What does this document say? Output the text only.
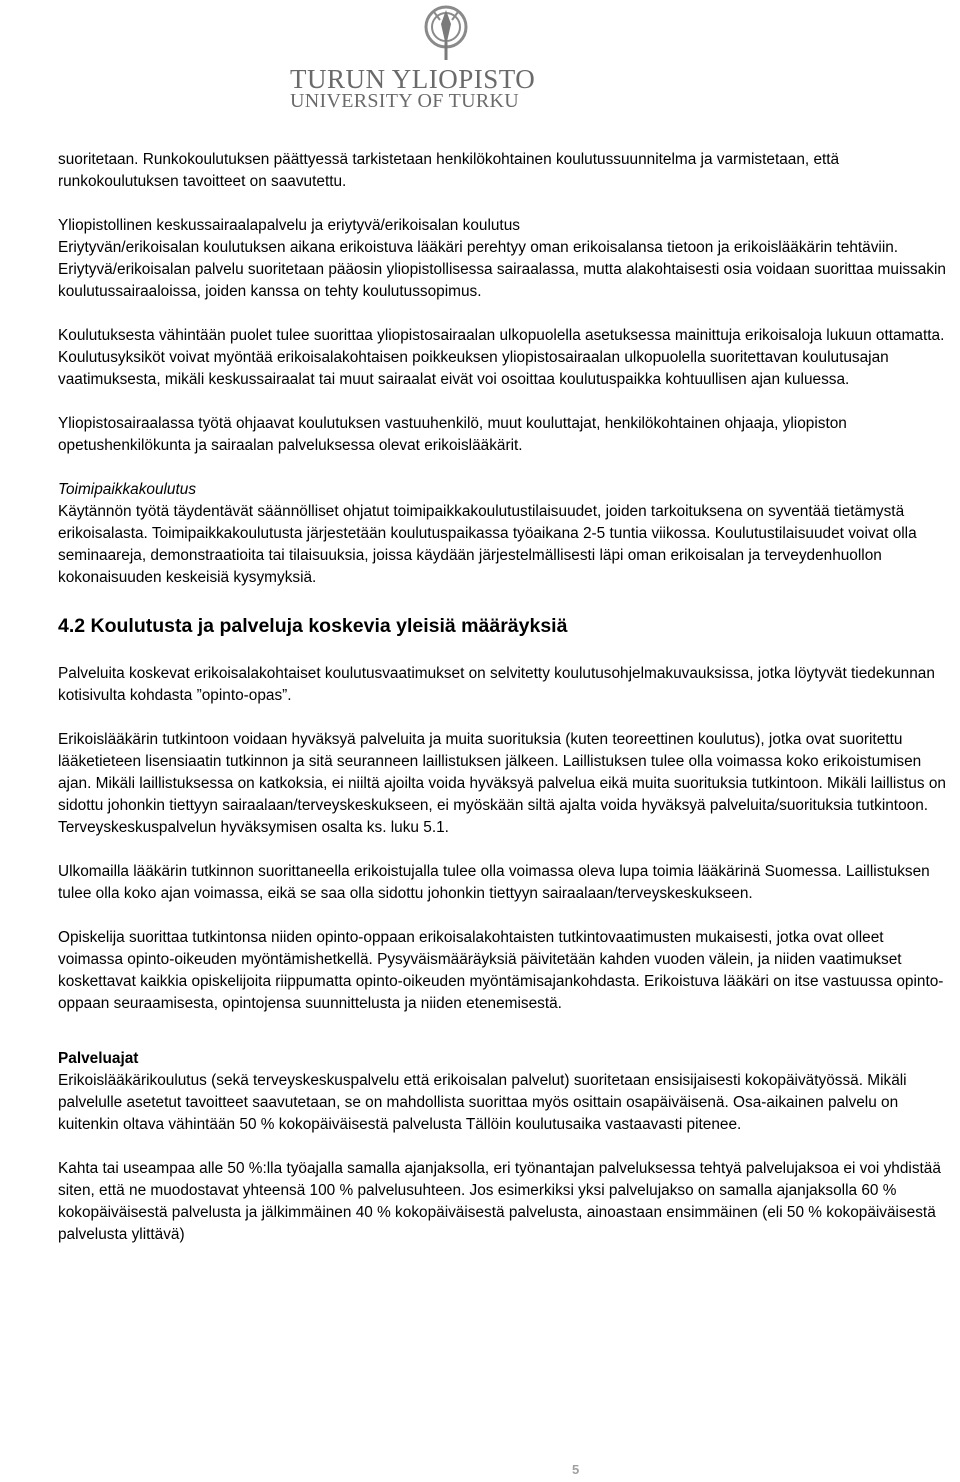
TURUN YLIOPISTO
UNIVERSITY OF TURKU

suoritetaan. Runkokoulutuksen päättyessä tarkistetaan henkilökohtainen koulutussuunnitelma ja varmistetaan, että runkokoulutuksen tavoitteet on saavutettu.

Yliopistollinen keskussairaalapalvelu ja eriytyvä/erikoisalan koulutus

Eriytyvän/erikoisalan koulutuksen aikana erikoistuva lääkäri perehtyy oman erikoisalansa tietoon ja erikoislääkärin tehtäviin. Eriytyvä/erikoisalan palvelu suoritetaan pääosin yliopistollisessa sairaalassa, mutta alakohtaisesti osia voidaan suorittaa muissakin koulutussairaaloissa, joiden kanssa on tehty koulutussopimus.

Koulutuksesta vähintään puolet tulee suorittaa yliopistosairaalan ulkopuolella asetuksessa mainittuja erikoisaloja lukuun ottamatta. Koulutusyksiköt voivat myöntää erikoisalakohtaisen poikkeuksen yliopistosairaalan ulkopuolella suoritettavan koulutusajan vaatimuksesta, mikäli keskussairaalat tai muut sairaalat eivät voi osoittaa koulutuspaikka kohtuullisen ajan kuluessa.

Yliopistosairaalassa työtä ohjaavat koulutuksen vastuuhenkilö, muut kouluttajat, henkilökohtainen ohjaaja, yliopiston opetushenkilökunta ja sairaalan palveluksessa olevat erikoislääkärit.

Toimipaikkakoulutus

Käytännön työtä täydentävät säännölliset ohjatut toimipaikkakoulutustilaisuudet, joiden tarkoituksena on syventää tietämystä erikoisalasta. Toimipaikkakoulutusta järjestetään koulutuspaikassa työaikana 2-5 tuntia viikossa. Koulutustilaisuudet voivat olla seminaareja, demonstraatioita tai tilaisuuksia, joissa käydään järjestelmällisesti läpi oman erikoisalan ja terveydenhuollon kokonaisuuden keskeisiä kysymyksiä.

4.2 Koulutusta ja palveluja koskevia yleisiä määräyksiä

Palveluita koskevat erikoisalakohtaiset koulutusvaatimukset on selvitetty koulutusohjelmakuvauksissa, jotka löytyvät tiedekunnan kotisivulta kohdasta ”opinto-opas”.

Erikoislääkärin tutkintoon voidaan hyväksyä palveluita ja muita suorituksia (kuten teoreettinen koulutus), jotka ovat suoritettu lääketieteen lisensiaatin tutkinnon ja sitä seuranneen laillistuksen jälkeen. Laillistuksen tulee olla voimassa koko erikoistumisen ajan. Mikäli laillistuksessa on katkoksia, ei niiltä ajoilta voida hyväksyä palvelua eikä muita suorituksia tutkintoon. Mikäli laillistus on sidottu johonkin tiettyyn sairaalaan/terveyskeskukseen, ei myöskään siltä ajalta voida hyväksyä palveluita/suorituksia tutkintoon. Terveyskeskuspalvelun hyväksymisen osalta ks. luku 5.1.

Ulkomailla lääkärin tutkinnon suorittaneella erikoistujalla tulee olla voimassa oleva lupa toimia lääkärinä Suomessa. Laillistuksen tulee olla koko ajan voimassa, eikä se saa olla sidottu johonkin tiettyyn sairaalaan/terveyskeskukseen.

Opiskelija suorittaa tutkintonsa niiden opinto-oppaan erikoisalakohtaisten tutkintovaatimusten mukaisesti, jotka ovat olleet voimassa opinto-oikeuden myöntämishetkellä. Pysyväismääräyksiä päivitetään kahden vuoden välein, ja niiden vaatimukset koskettavat kaikkia opiskelijoita riippumatta opinto-oikeuden myöntämisajankohdasta. Erikoistuva lääkäri on itse vastuussa opinto-oppaan seuraamisesta, opintojensa suunnittelusta ja niiden etenemisestä.

Palveluajat

Erikoislääkärikoulutus (sekä terveyskeskuspalvelu että erikoisalan palvelut) suoritetaan ensisijaisesti kokopäivätyössä. Mikäli palvelulle asetetut tavoitteet saavutetaan, se on mahdollista suorittaa myös osittain osapäiväisenä. Osa-aikainen palvelu on kuitenkin oltava vähintään 50 % kokopäiväisestä palvelusta Tällöin koulutusaika vastaavasti pitenee.

Kahta tai useampaa alle 50 %:lla työajalla samalla ajanjaksolla, eri työnantajan palveluksessa tehtyä palvelujaksoa ei voi yhdistää siten, että ne muodostavat yhteensä 100 % palvelusuhteen. Jos esimerkiksi yksi palvelujakso on samalla ajanjaksolla 60 % kokopäiväisestä palvelusta ja jälkimmäinen 40 % kokopäiväisestä palvelusta, ainoastaan ensimmäinen (eli 50 % kokopäiväisestä palvelusta ylittävä)

5
